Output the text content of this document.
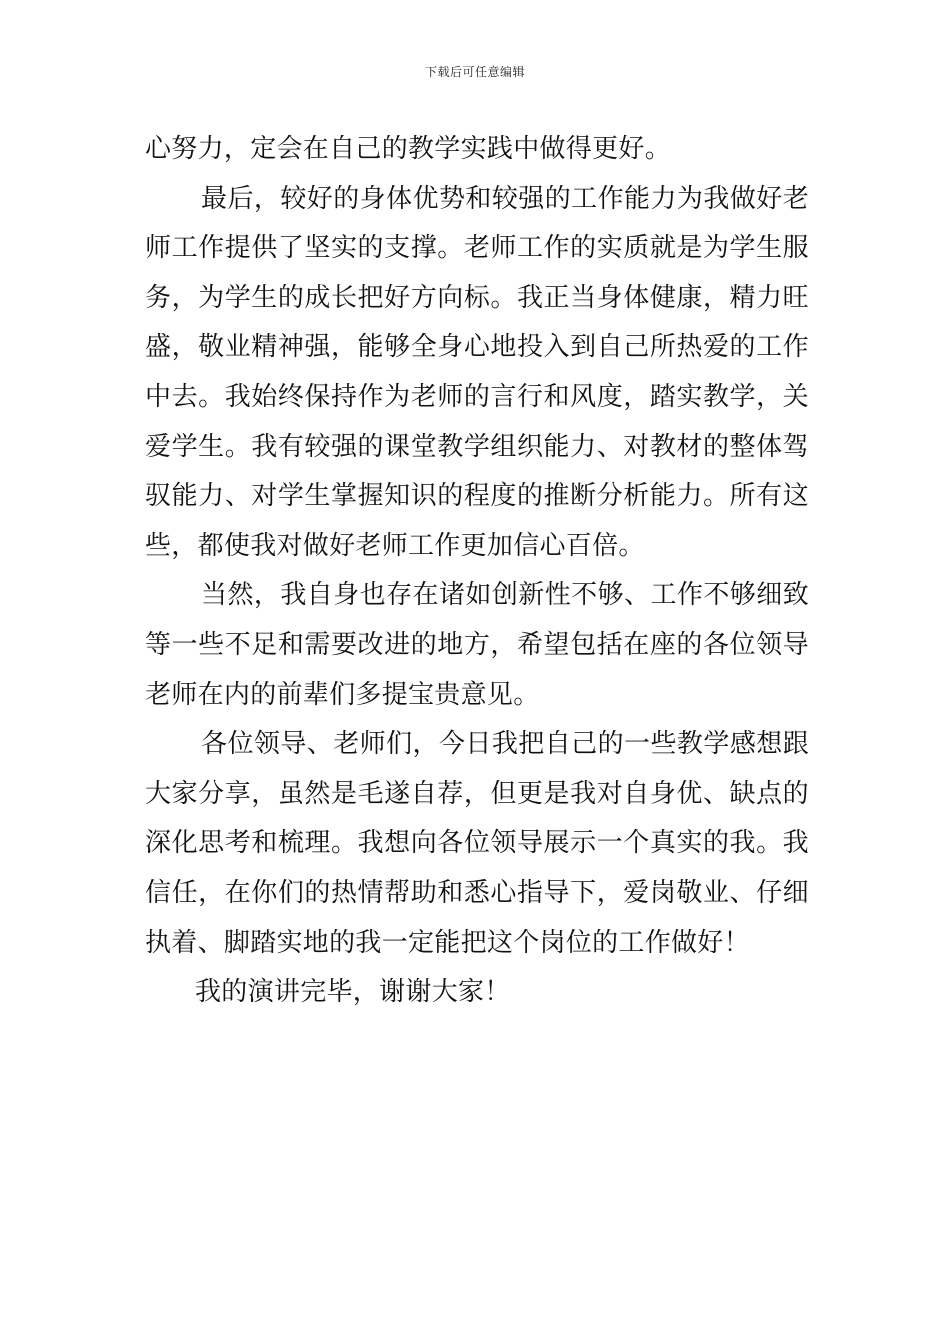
下载后可任意编辑

心努力，定会在自己的教学实践中做得更好。

最后，较好的身体优势和较强的工作能力为我做好老师工作提供了坚实的支撑。老师工作的实质就是为学生服务，为学生的成长把好方向标。我正当身体健康，精力旺盛，敬业精神强，能够全身心地投入到自己所热爱的工作中去。我始终保持作为老师的言行和风度，踏实教学，关爱学生。我有较强的课堂教学组织能力、对教材的整体驾驭能力、对学生掌握知识的程度的推断分析能力。所有这些，都使我对做好老师工作更加信心百倍。

当然，我自身也存在诸如创新性不够、工作不够细致等一些不足和需要改进的地方，希望包括在座的各位领导老师在内的前辈们多提宝贵意见。

各位领导、老师们，今日我把自己的一些教学感想跟大家分享，虽然是毛遂自荐，但更是我对自身优、缺点的深化思考和梳理。我想向各位领导展示一个真实的我。我信任，在你们的热情帮助和悉心指导下，爱岗敬业、仔细执着、脚踏实地的我一定能把这个岗位的工作做好！

我的演讲完毕，谢谢大家！
